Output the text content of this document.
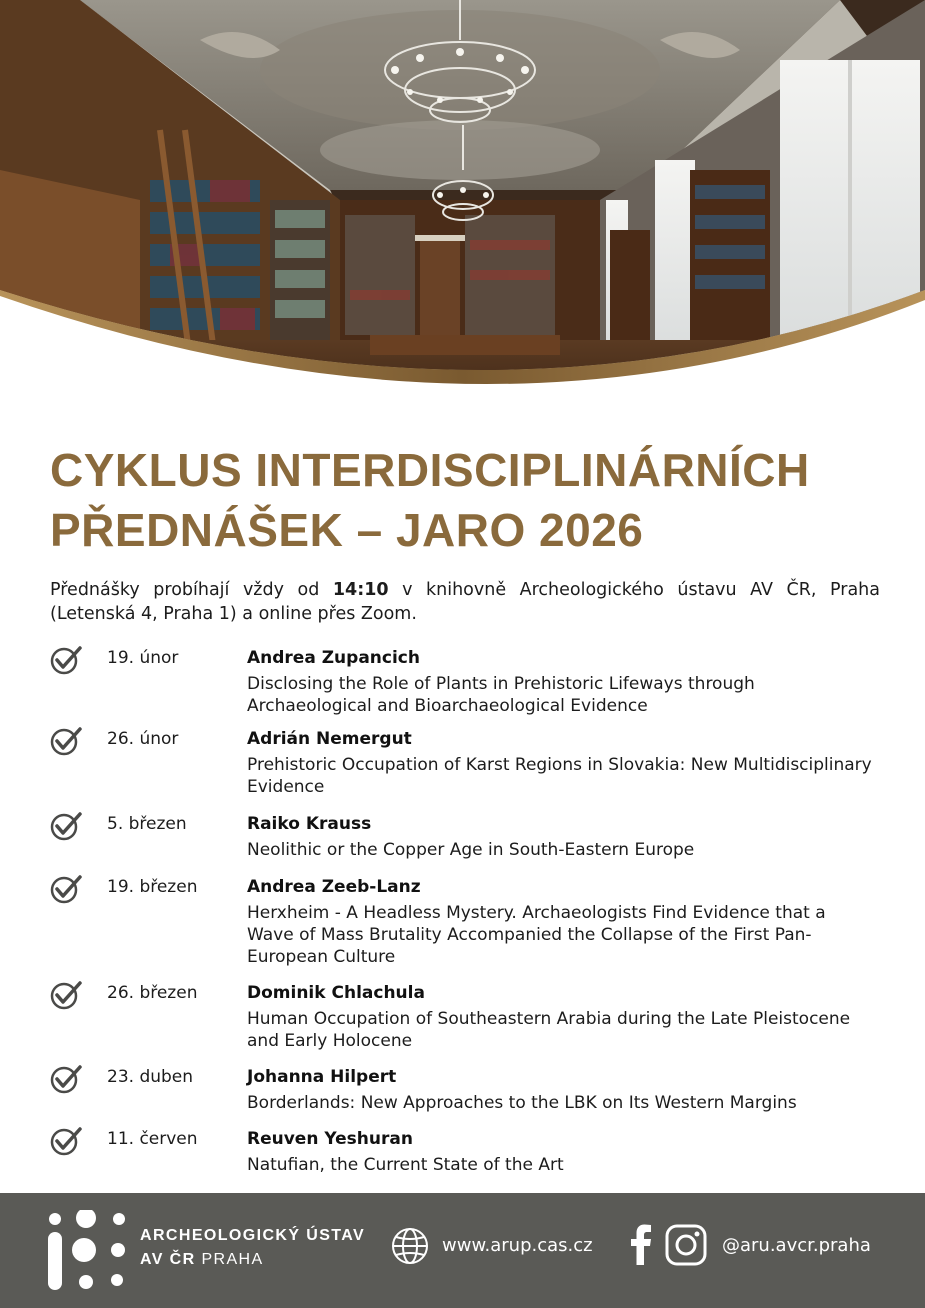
CYKLUS INTERDISCIPLINÁRNÍCH
PŘEDNÁŠEK – JARO 2026
Přednášky probíhají vždy od 14:10 v knihovně Archeologického ústavu AV ČR, Praha (Letenská 4, Praha 1) a online přes Zoom.
19. únor	Andrea Zupancich
Disclosing the Role of Plants in Prehistoric Lifeways through Archaeological and Bioarchaeological Evidence
26. únor	Adrián Nemergut
Prehistoric Occupation of Karst Regions in Slovakia: New Multidisciplinary Evidence
5. březen	Raiko Krauss
Neolithic or the Copper Age in South-Eastern Europe
19. březen	Andrea Zeeb-Lanz
Herxheim - A Headless Mystery. Archaeologists Find Evidence that a Wave of Mass Brutality Accompanied the Collapse of the First Pan-European Culture
26. březen	Dominik Chlachula
Human Occupation of Southeastern Arabia during the Late Pleistocene and Early Holocene
23. duben	Johanna Hilpert
Borderlands: New Approaches to the LBK on Its Western Margins
11. červen	Reuven Yeshuran
Natufian, the Current State of the Art
ARCHEOLOGICKÝ ÚSTAV
AV ČR PRAHA
www.arup.cas.cz	@aru.avcr.praha
